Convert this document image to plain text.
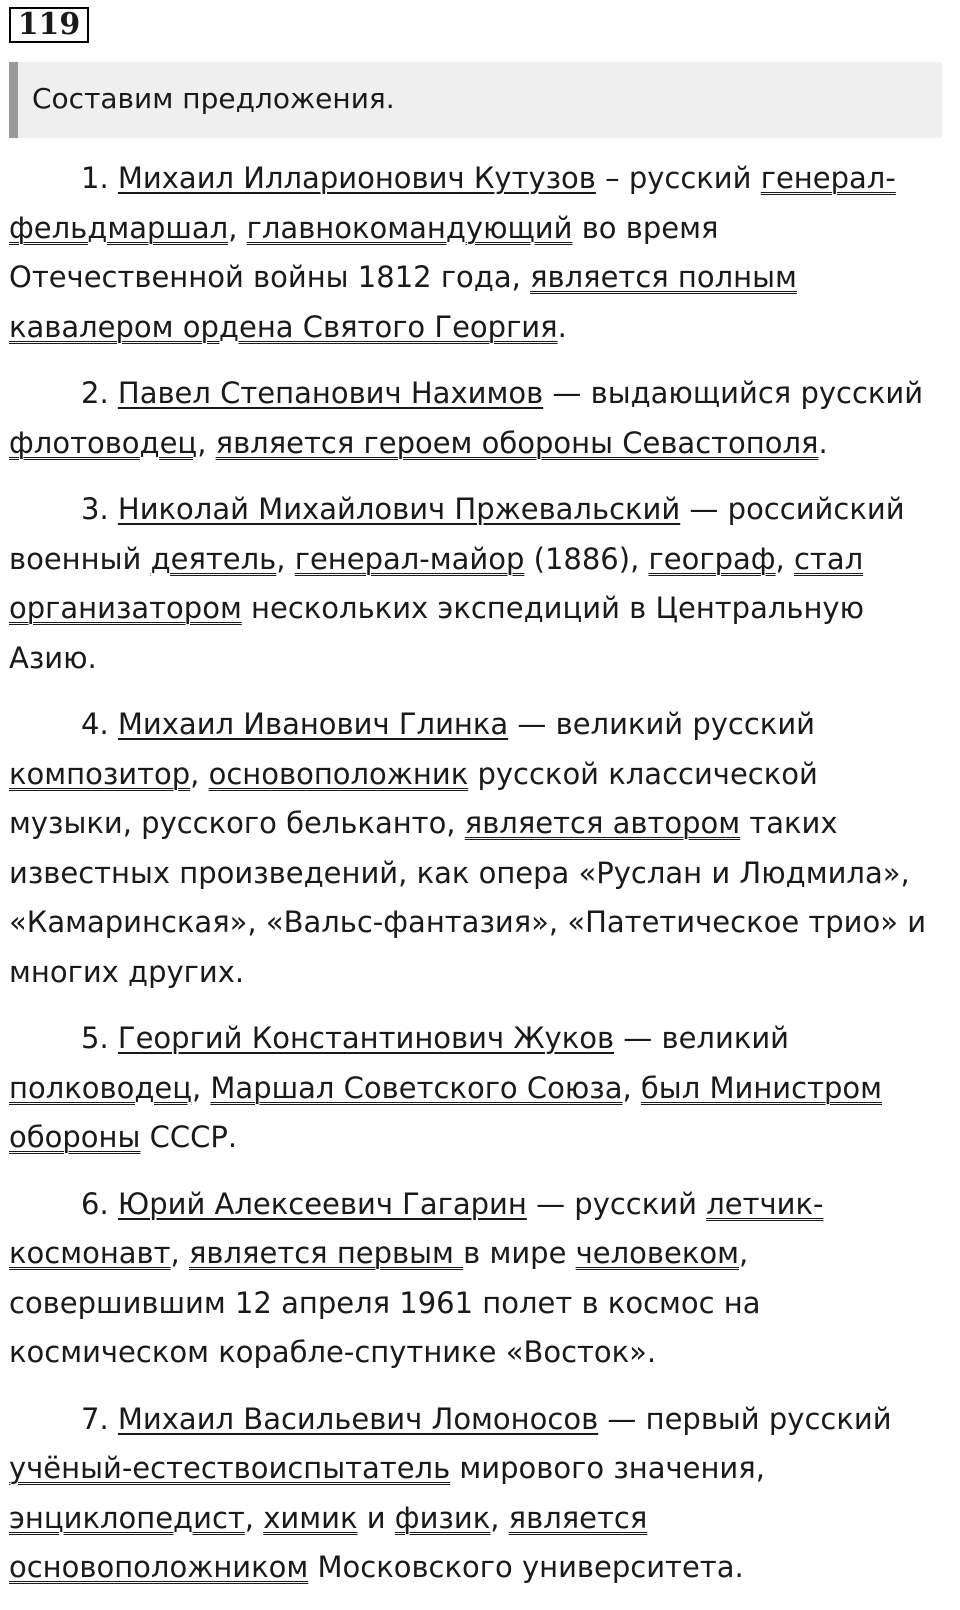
119
Составим предложения.

1. Михаил Илларионович Кутузов – русский генерал-фельдмаршал, главнокомандующий во время Отечественной войны 1812 года, является полным кавалером ордена Святого Георгия.

2. Павел Степанович Нахимов — выдающийся русский флотоводец, является героем обороны Севастополя.

3. Николай Михайлович Пржевальский — российский военный деятель, генерал-майор (1886), географ, стал организатором нескольких экспедиций в Центральную Азию.

4. Михаил Иванович Глинка — великий русский композитор, основоположник русской классической музыки, русского бельканто, является автором таких известных произведений, как опера «Руслан и Людмила», «Камаринская», «Вальс-фантазия», «Патетическое трио» и многих других.

5. Георгий Константинович Жуков — великий полководец, Маршал Советского Союза, был Министром обороны СССР.

6. Юрий Алексеевич Гагарин — русский летчик-космонавт, является первым в мире человеком, совершившим 12 апреля 1961 полет в космос на космическом корабле-спутнике «Восток».

7. Михаил Васильевич Ломоносов — первый русский учёный-естествоиспытатель мирового значения, энциклопедист, химик и физик, является основоположником Московского университета.
